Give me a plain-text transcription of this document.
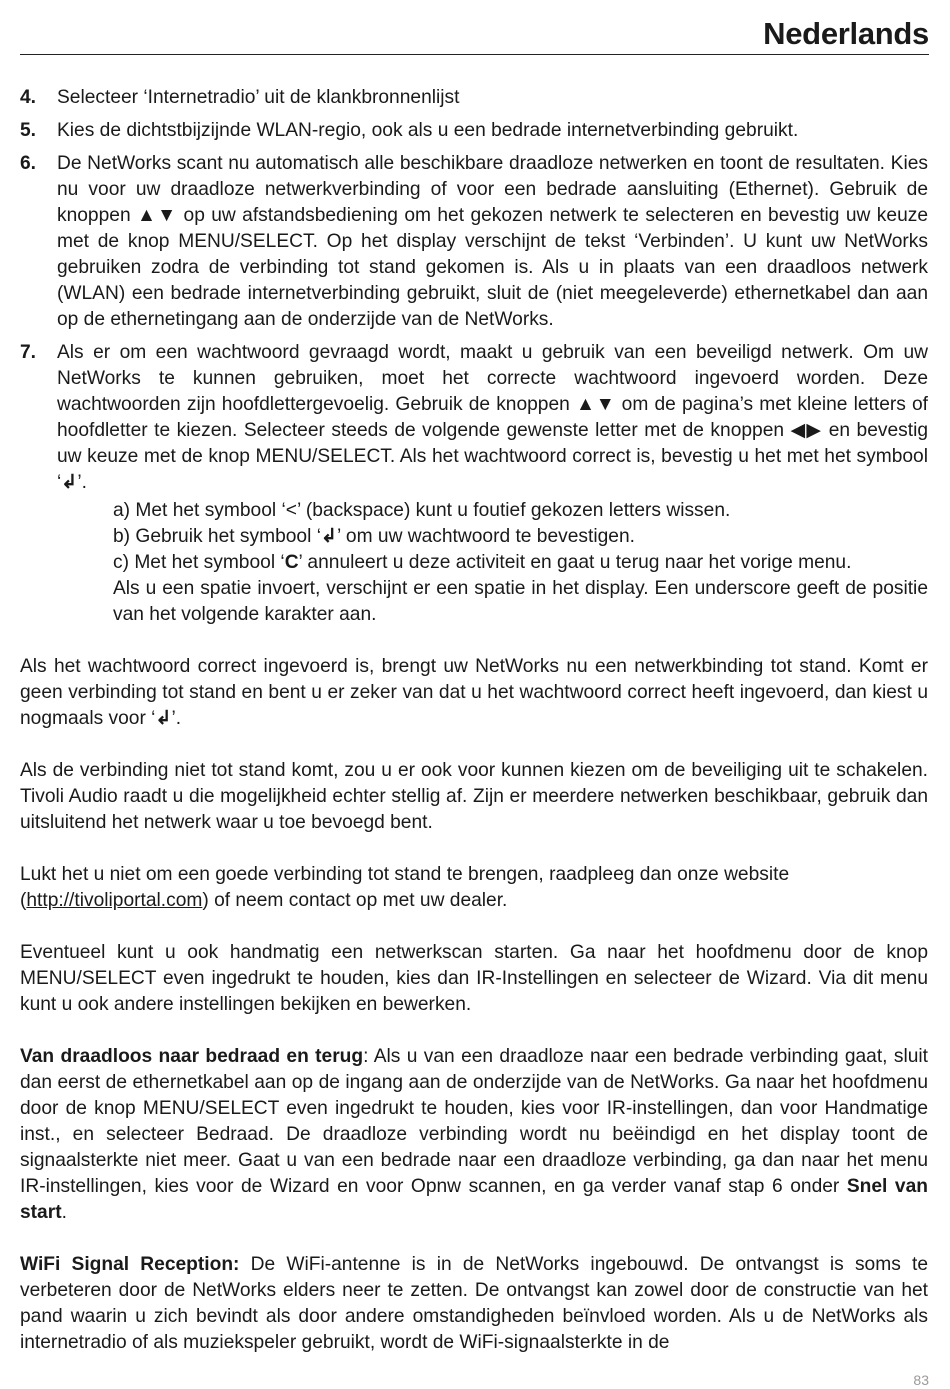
Nederlands
4. Selecteer ‘Internetradio’ uit de klankbronnenlijst

5. Kies de dichtstbijzijnde WLAN-regio, ook als u een bedrade internetverbinding gebruikt.

6. De NetWorks scant nu automatisch alle beschikbare draadloze netwerken en toont de resultaten. Kies nu voor uw draadloze netwerkverbinding of voor een bedrade aansluiting (Ethernet). Gebruik de knoppen ▲▼ op uw afstandsbediening om het gekozen netwerk te selecteren en bevestig uw keuze met de knop MENU/SELECT. Op het display verschijnt de tekst ‘Verbinden’. U kunt uw NetWorks gebruiken zodra de verbinding tot stand gekomen is. Als u in plaats van een draadloos netwerk (WLAN) een bedrade internetverbinding gebruikt, sluit de (niet meegeleverde) ethernetkabel dan aan op de ethernetingang aan de onderzijde van de NetWorks.

7. Als er om een wachtwoord gevraagd wordt, maakt u gebruik van een beveiligd netwerk. Om uw NetWorks te kunnen gebruiken, moet het correcte wachtwoord ingevoerd worden. Deze wachtwoorden zijn hoofdlettergevoelig. Gebruik de knoppen ▲▼ om de pagina’s met kleine letters of hoofdletter te kiezen. Selecteer steeds de volgende gewenste letter met de knoppen ◀▶ en bevestig uw keuze met de knop MENU/SELECT. Als het wachtwoord correct is, bevestig u het met het symbool ‘↲’.

a) Met het symbool ‘<’ (backspace) kunt u foutief gekozen letters wissen.

b) Gebruik het symbool ‘↲’ om uw wachtwoord te bevestigen.

c) Met het symbool ‘C’ annuleert u deze activiteit en gaat u terug naar het vorige menu.

Als u een spatie invoert, verschijnt er een spatie in het display. Een underscore geeft de positie van het volgende karakter aan.

Als het wachtwoord correct ingevoerd is, brengt uw NetWorks nu een netwerkbinding tot stand. Komt er geen verbinding tot stand en bent u er zeker van dat u het wachtwoord correct heeft ingevoerd, dan kiest u nogmaals voor ‘↲’.

Als de verbinding niet tot stand komt, zou u er ook voor kunnen kiezen om de beveiliging uit te schakelen. Tivoli Audio raadt u die mogelijkheid echter stellig af. Zijn er meerdere netwerken beschikbaar, gebruik dan uitsluitend het netwerk waar u toe bevoegd bent.

Lukt het u niet om een goede verbinding tot stand te brengen, raadpleeg dan onze website
(http://tivoliportal.com) of neem contact op met uw dealer.

Eventueel kunt u ook handmatig een netwerkscan starten. Ga naar het hoofdmenu door de knop MENU/SELECT even ingedrukt te houden, kies dan IR-Instellingen en selecteer de Wizard. Via dit menu kunt u ook andere instellingen bekijken en bewerken.

Van draadloos naar bedraad en terug: Als u van een draadloze naar een bedrade verbinding gaat, sluit dan eerst de ethernetkabel aan op de ingang aan de onderzijde van de NetWorks. Ga naar het hoofdmenu door de knop MENU/SELECT even ingedrukt te houden, kies voor IR-instellingen, dan voor Handmatige inst., en selecteer Bedraad. De draadloze verbinding wordt nu beëindigd en het display toont de signaalsterkte niet meer. Gaat u van een bedrade naar een draadloze verbinding, ga dan naar het menu IR-instellingen, kies voor de Wizard en voor Opnw scannen, en ga verder vanaf stap 6 onder Snel van start.

WiFi Signal Reception: De WiFi-antenne is in de NetWorks ingebouwd. De ontvangst is soms te verbeteren door de NetWorks elders neer te zetten. De ontvangst kan zowel door de constructie van het pand waarin u zich bevindt als door andere omstandigheden beïnvloed worden. Als u de NetWorks als internetradio of als muziekspeler gebruikt, wordt de WiFi-signaalsterkte in de

83
